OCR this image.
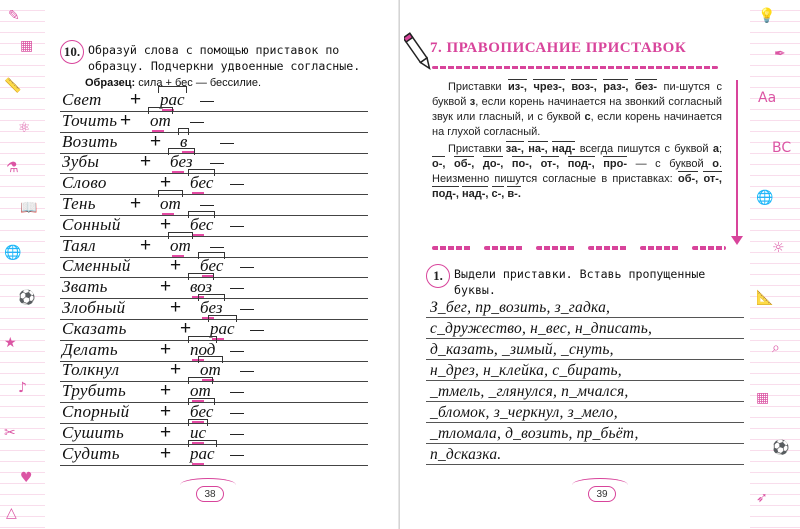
✎
▦
📏
⚛
⚗
📖
🌐
⚽
★
♪
✂
♥
△
10. Образуй слова с помощью приставок по
образцу. Подчеркни удвоенные согласные.
Образец: сила + бес — бессилие.
Свет + рас —
Точить + от —
Возить + в —
Зубы + без —
Слово	+ бес —
Тень + от —
Сонный + бес —
Таял + от —
Сменный + бес —
Звать	+ воз —
Злобный + без —
Сказать	+ рас —
Делать + под —
Толкнул	+ от —
Трубить + от —
Спорный + бес —
Сушить + ис —
Судить + рас —
38
💡
✒
Aa
BC
🌐
☼
📐
⌕
▦
⚽
➶
7. ПРАВОПИСАНИЕ ПРИСТАВОК

Приставки из-, чрез-, воз-, раз-, без- пи-шутся с буквой з, если корень начинается на звонкий согласный звук или гласный, и с буквой с, если корень начинается на глухой согласный.

Приставки за-, на-, над- всегда пишутся с буквой а; о-, об-, до-, по-, от-, под-, про- — с буквой о. Неизменно пишутся согласные в приставках: об-, от-, под-, над-, с-, в-.

1. Выдели приставки. Вставь пропущенные
буквы.
З_бег, пр_возить, з_гадка,
с_дружество, н_вес, н_дписать,
д_казать, _зимый, _снуть,
н_дрез, н_клейка, с_бирать,
_тмель, _глянулся, п_мчался,
_бломок, з_черкнул, з_мело,
_тломала, д_возить, пр_бьёт,
п_дсказка.
39
